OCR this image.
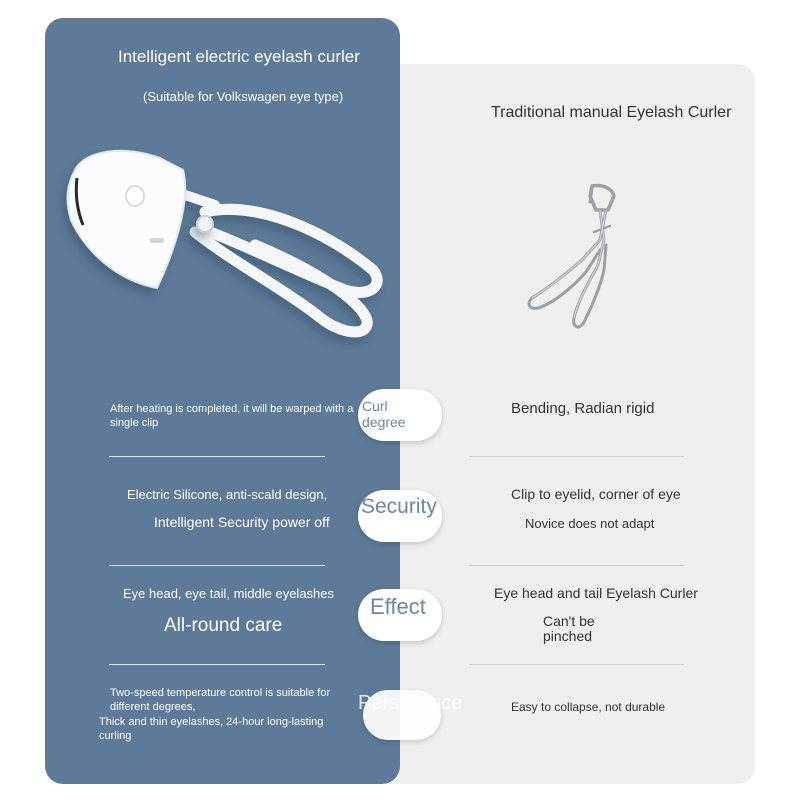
Intelligent electric eyelash curler

(Suitable for Volkswagen eye type)

Traditional manual Eyelash Curler

After heating is completed, it will be warped with a single clip

Curl degree

Bending, Radian rigid

Electric Silicone, anti-scald design,

Intelligent Security power off

Security

Clip to eyelid, corner of eye

Novice does not adapt

Eye head, eye tail, middle eyelashes

All-round care

Effect

Eye head and tail Eyelash Curler

Can't be pinched

Two-speed temperature control is suitable for different degrees,

Thick and thin eyelashes, 24-hour long-lasting curling

Persistence	Easy to collapse, not durable
